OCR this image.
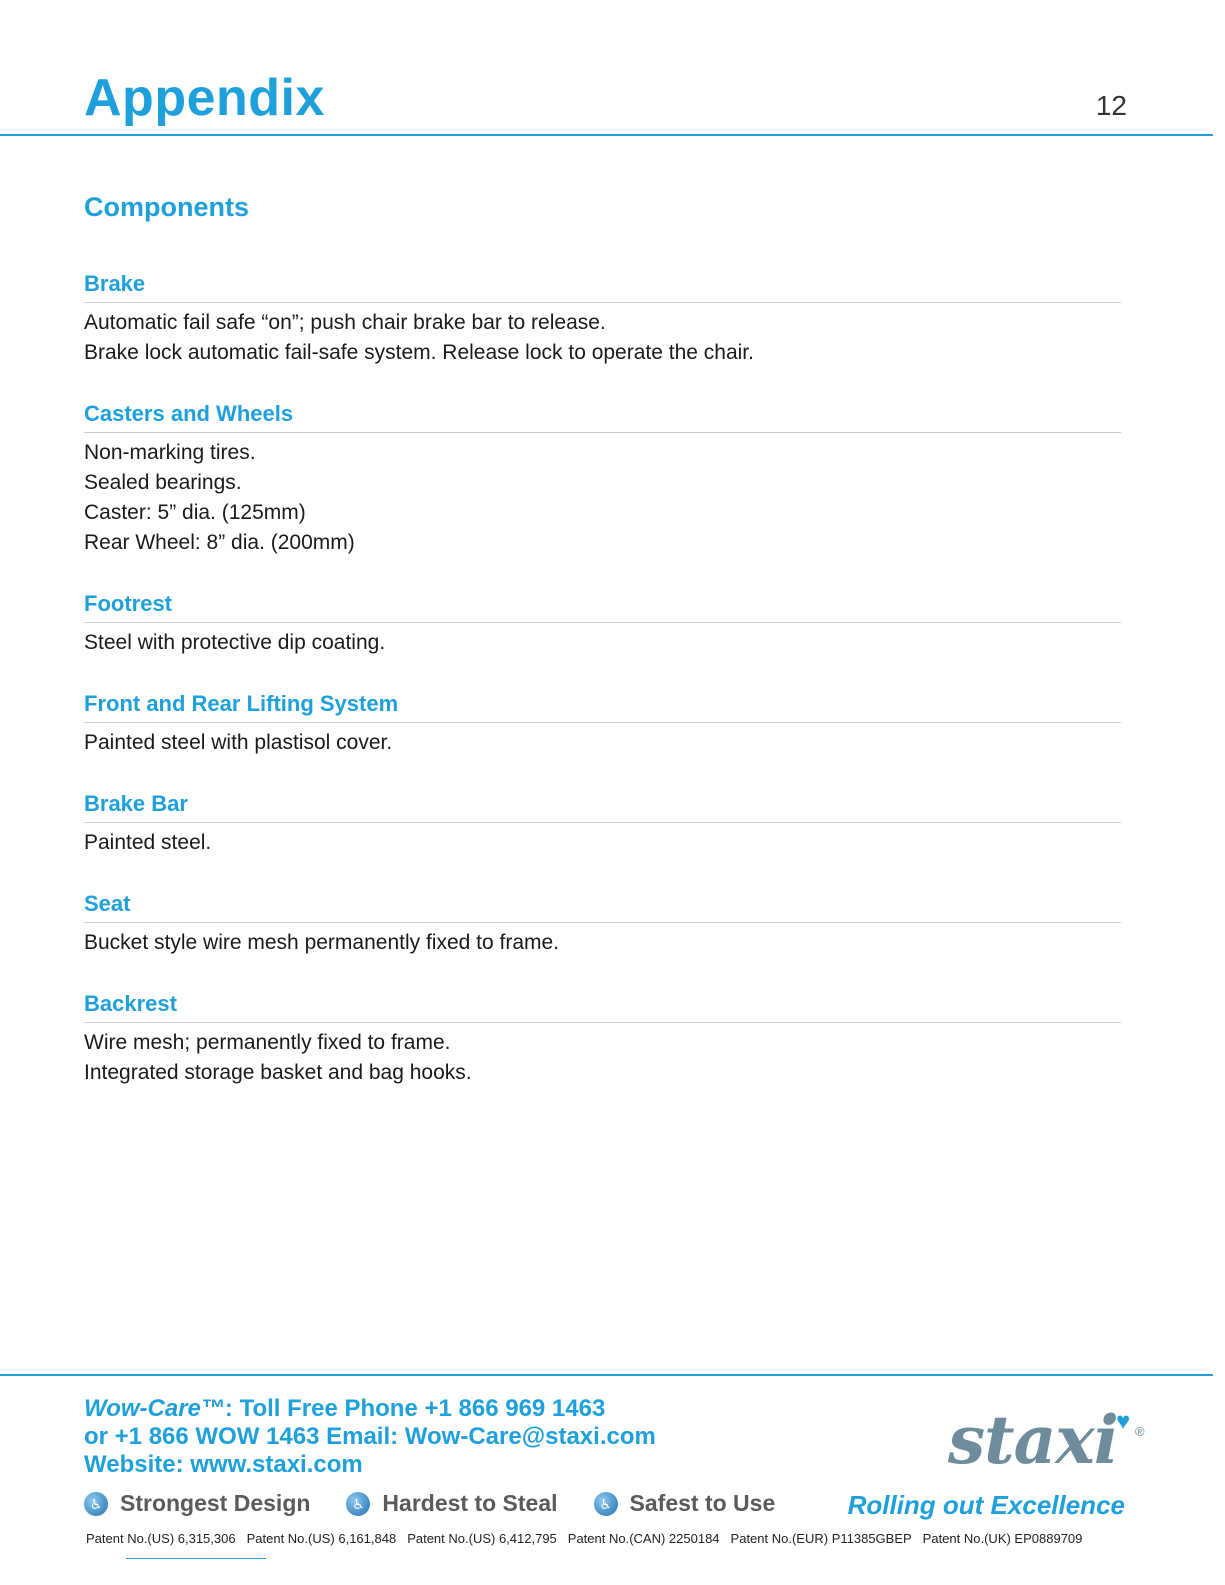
Appendix	12
Components
Brake
Automatic fail safe “on”; push chair brake bar to release.
Brake lock automatic fail-safe system. Release lock to operate the chair.
Casters and Wheels
Non-marking tires.
Sealed bearings.
Caster: 5” dia. (125mm)
Rear Wheel: 8” dia. (200mm)
Footrest
Steel with protective dip coating.
Front and Rear Lifting System
Painted steel with plastisol cover.
Brake Bar
Painted steel.
Seat
Bucket style wire mesh permanently fixed to frame.
Backrest
Wire mesh; permanently fixed to frame.
Integrated storage basket and bag hooks.
Wow-Care™: Toll Free Phone +1 866 969 1463
or +1 866 WOW 1463 Email: Wow-Care@staxi.com
Website: www.staxi.com	staxi
♥ ®
♿ Strongest Design	♿ Hardest to Steal	♿ Safest to Use	Rolling out Excellence
Patent No.(US) 6,315,306 Patent No.(US) 6,161,848 Patent No.(US) 6,412,795 Patent No.(CAN) 2250184 Patent No.(EUR) P11385GBEP Patent No.(UK) EP0889709
